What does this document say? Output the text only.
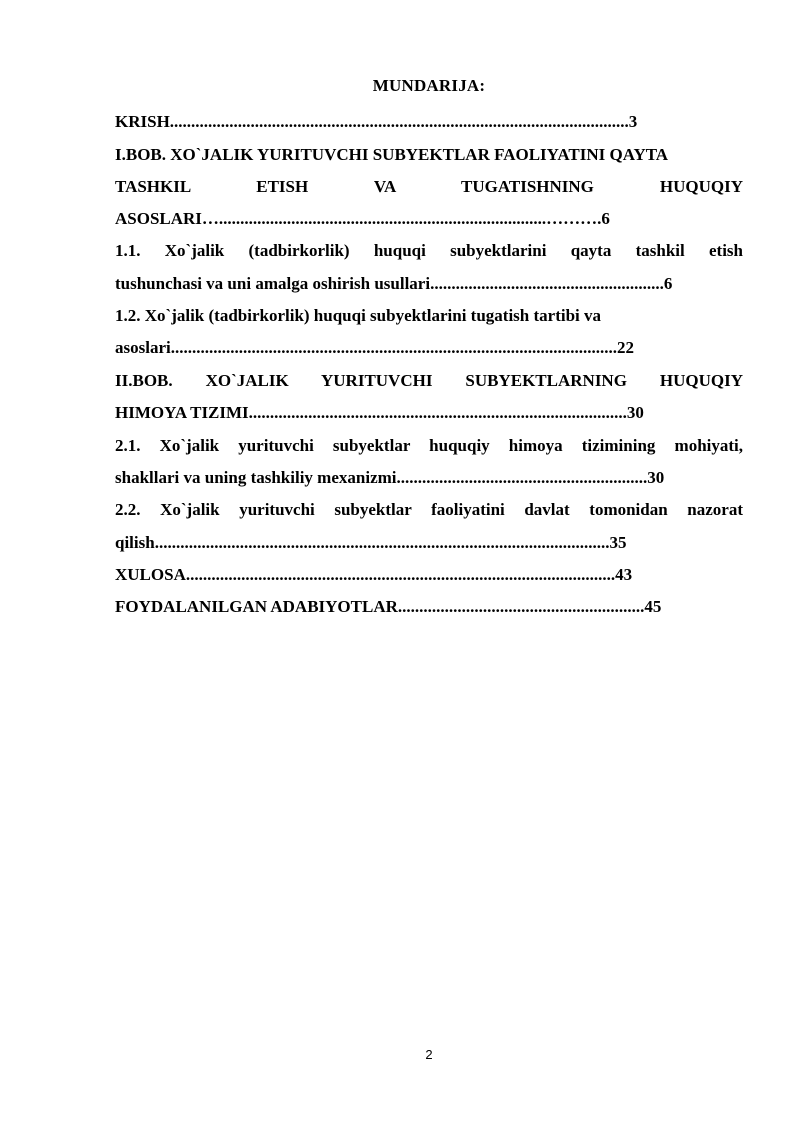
MUNDARIJA:
KRISH............................................................................................................3
I.BOB. XO`JALIK YURITUVCHI SUBYEKTLAR FAOLIYATINI QAYTA
TASHKIL ETISH VA TUGATISHNING HUQUQIY
ASOSLARI….............................................................................……….6
1.1. Xo`jalik (tadbirkorlik) huquqi subyektlarini qayta tashkil etish
tushunchasi va uni amalga oshirish usullari.......................................................6
1.2. Xo`jalik (tadbirkorlik) huquqi subyektlarini tugatish tartibi va
asoslari.........................................................................................................22
II.BOB. XO`JALIK YURITUVCHI SUBYEKTLARNING HUQUQIY
HIMOYA TIZIMI.........................................................................................30
2.1. Xo`jalik yurituvchi subyektlar huquqiy himoya tizimining mohiyati,
shakllari va uning tashkiliy mexanizmi...........................................................30
2.2. Xo`jalik yurituvchi subyektlar faoliyatini davlat tomonidan nazorat
qilish...........................................................................................................35
XULOSA.....................................................................................................43
FOYDALANILGAN ADABIYOTLAR..........................................................45
2
